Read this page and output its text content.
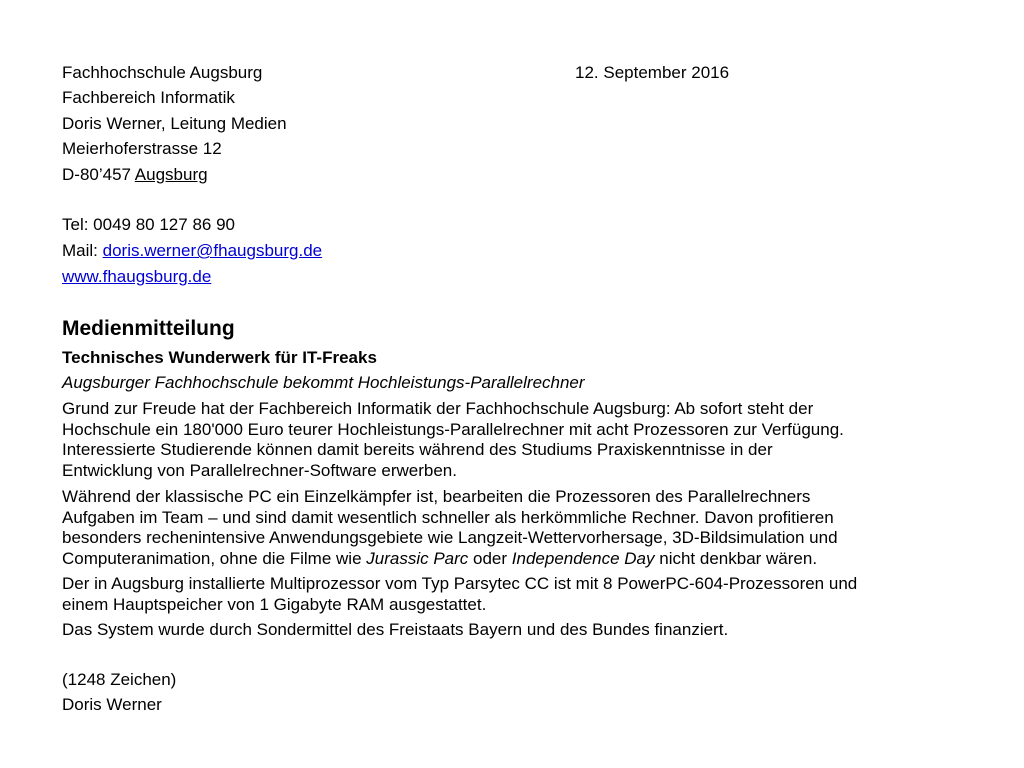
Fachhochschule Augsburg	12. September 2016
Fachbereich Informatik
Doris Werner, Leitung Medien
Meierhoferstrasse 12
D-80’457 Augsburg
Tel: 0049 80 127 86 90
Mail: doris.werner@fhaugsburg.de
www.fhaugsburg.de
Medienmitteilung
Technisches Wunderwerk für IT-Freaks
Augsburger Fachhochschule bekommt Hochleistungs-Parallelrechner
Grund zur Freude hat der Fachbereich Informatik der Fachhochschule Augsburg: Ab sofort steht der
Hochschule ein 180'000 Euro teurer Hochleistungs-Parallelrechner mit acht Prozessoren zur Verfügung.
Interessierte Studierende können damit bereits während des Studiums Praxiskenntnisse in der
Entwicklung von Parallelrechner-Software erwerben.
Während der klassische PC ein Einzelkämpfer ist, bearbeiten die Prozessoren des Parallelrechners
Aufgaben im Team – und sind damit wesentlich schneller als herkömmliche Rechner. Davon profitieren
besonders rechenintensive Anwendungsgebiete wie Langzeit-Wettervorhersage, 3D-Bildsimulation und
Computeranimation, ohne die Filme wie Jurassic Parc oder Independence Day nicht denkbar wären.
Der in Augsburg installierte Multiprozessor vom Typ Parsytec CC ist mit 8 PowerPC-604-Prozessoren und
einem Hauptspeicher von 1 Gigabyte RAM ausgestattet.
Das System wurde durch Sondermittel des Freistaats Bayern und des Bundes finanziert.
(1248 Zeichen)
Doris Werner
